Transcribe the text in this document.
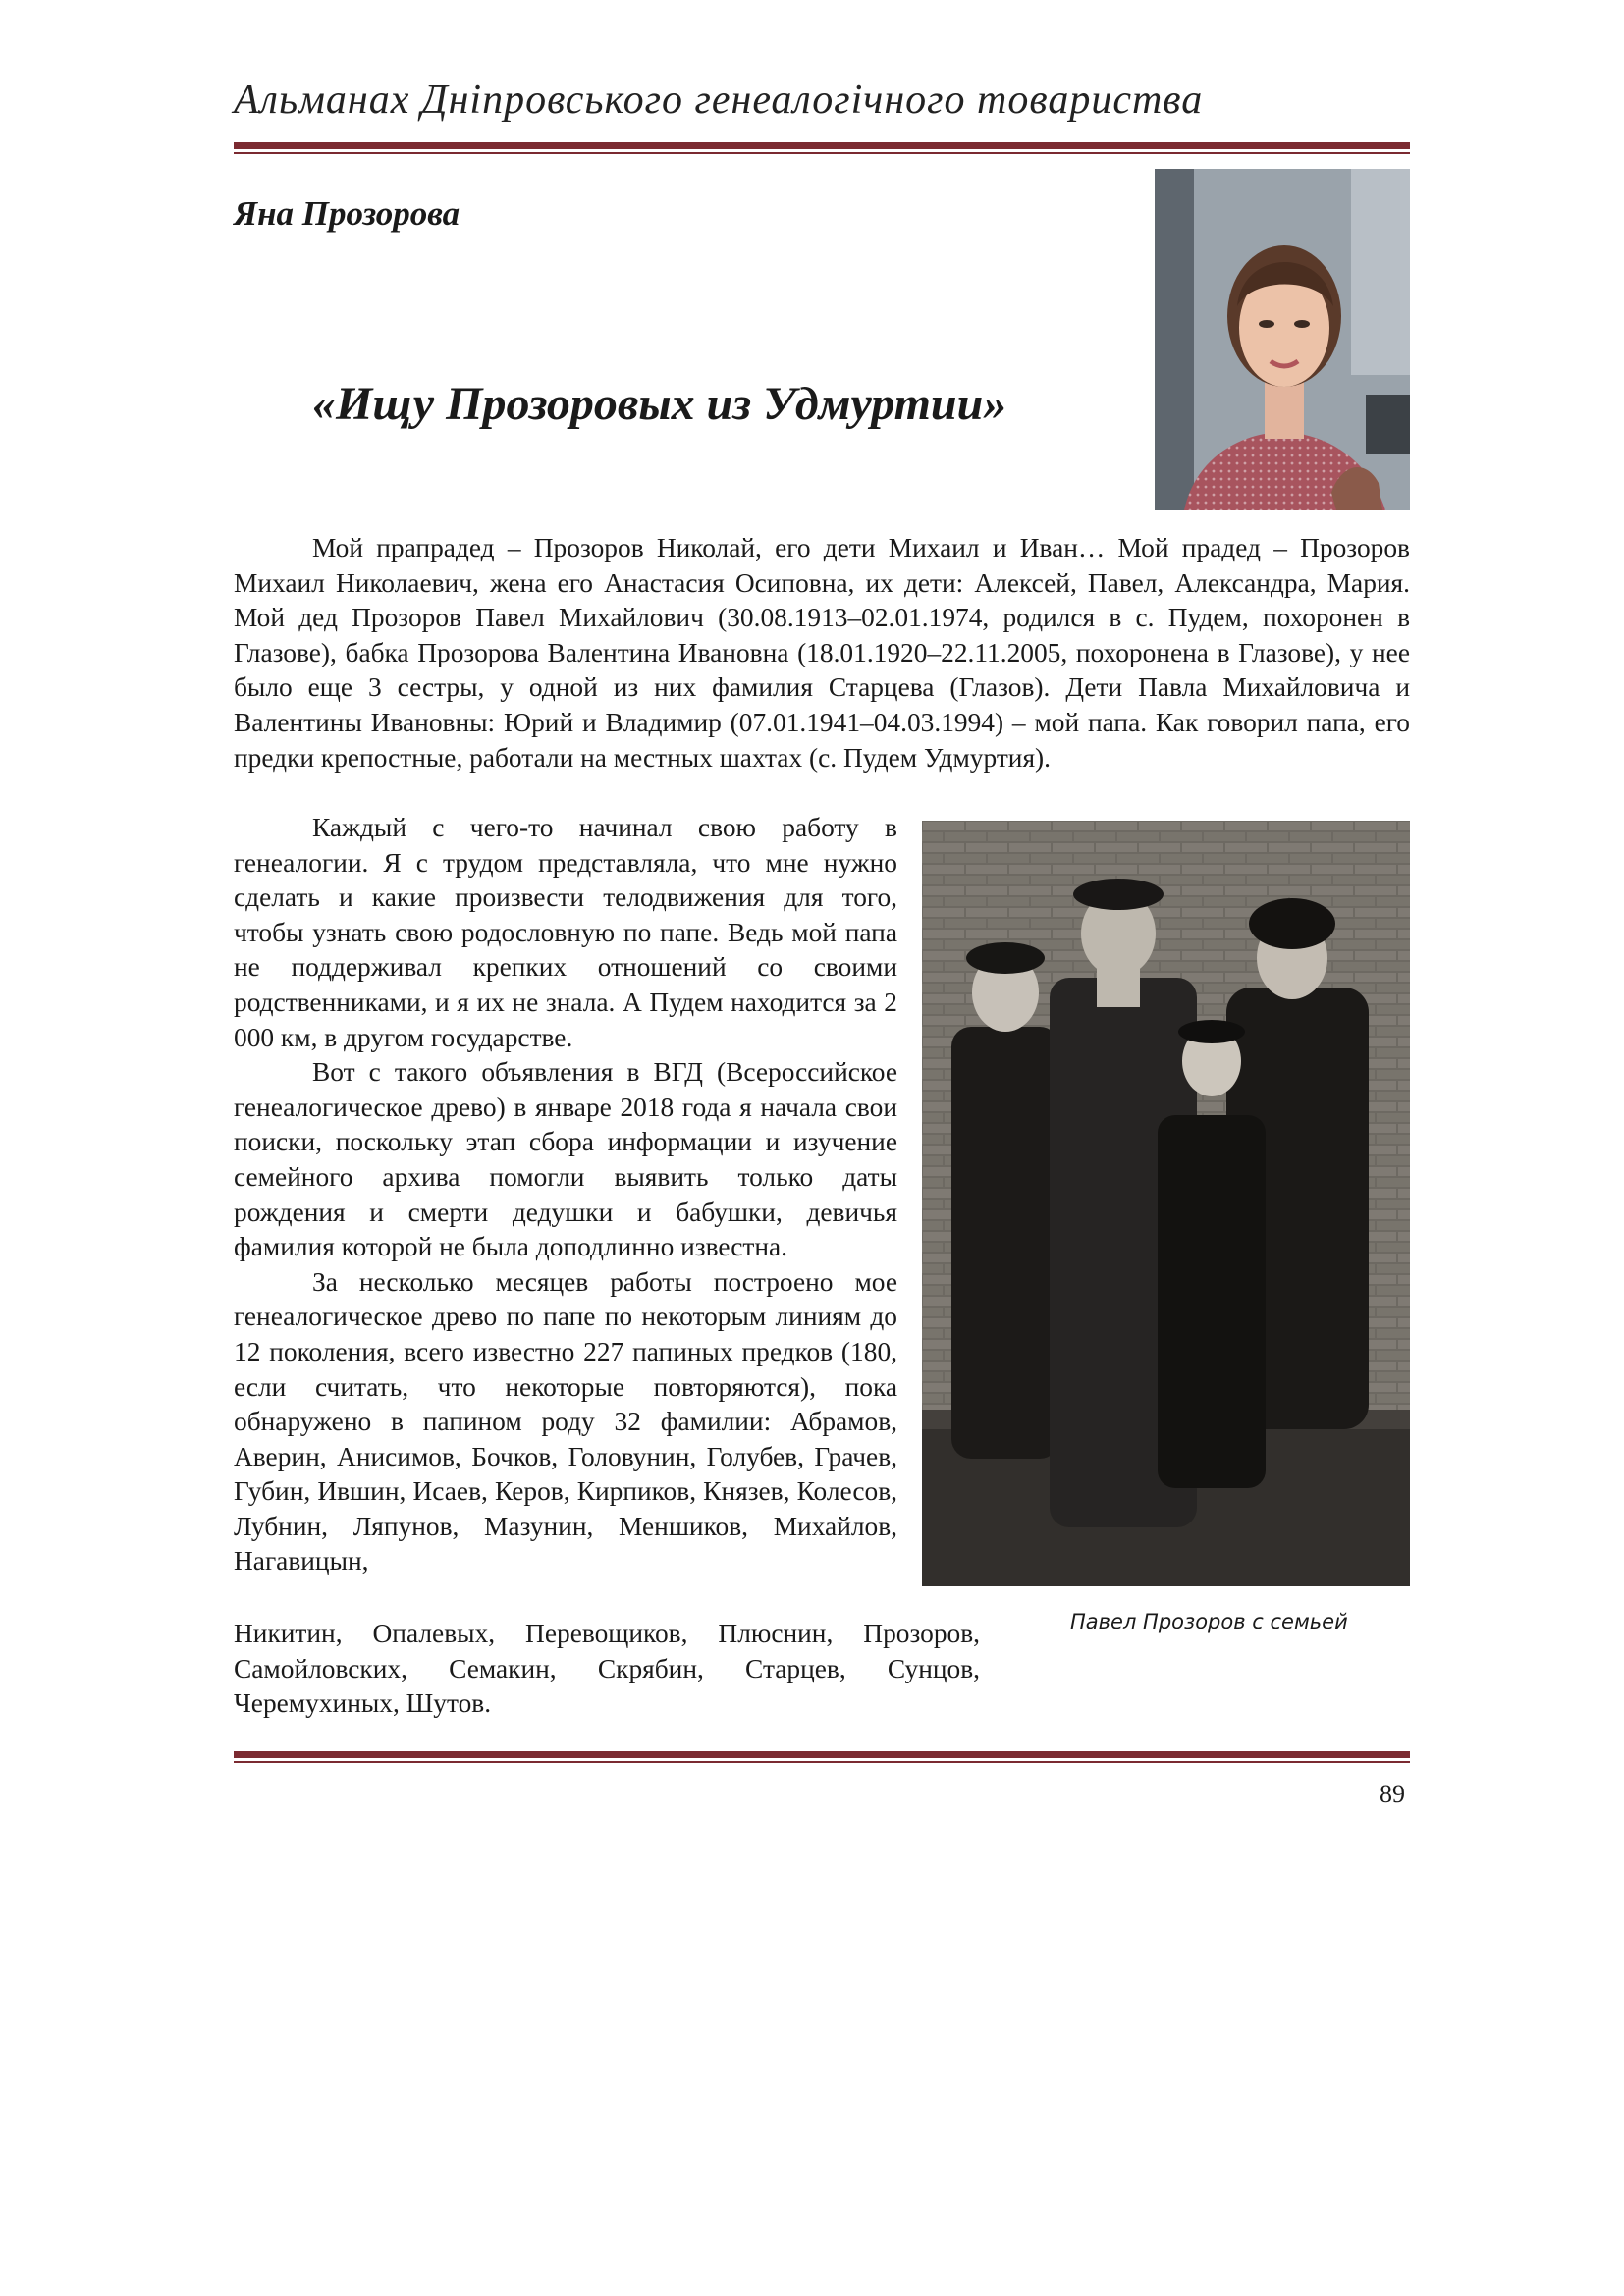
Альманах Дніпровського генеалогічного товариства
Яна Прозорова
«Ищу Прозоровых из Удмуртии»

Мой прапрадед – Прозоров Николай, его дети Михаил и Иван… Мой прадед – Прозоров Михаил Николаевич, жена его Анастасия Осиповна, их дети: Алексей, Павел, Александра, Мария. Мой дед Прозоров Павел Михайлович (30.08.1913–02.01.1974, родился в с. Пудем, похоронен в Глазове), бабка Прозорова Валентина Ивановна (18.01.1920–22.11.2005, похоронена в Глазове), у нее было еще 3 сестры, у одной из них фамилия Старцева (Глазов). Дети Павла Михайловича и Валентины Ивановны: Юрий и Владимир (07.01.1941–04.03.1994) – мой папа. Как говорил папа, его предки крепостные, работали на местных шахтах (с. Пудем Удмуртия).

Каждый с чего-то начинал свою работу в генеалогии. Я с трудом представляла, что мне нужно сделать и какие произвести телодвижения для того, чтобы узнать свою родословную по папе. Ведь мой папа не поддерживал крепких отношений со своими родственниками, и я их не знала. А Пудем находится за 2 000 км, в другом государстве.

Вот с такого объявления в ВГД (Всероссийское генеалогическое древо) в январе 2018 года я начала свои поиски, поскольку этап сбора информации и изучение семейного архива помогли выявить только даты рождения и смерти дедушки и бабушки, девичья фамилия которой не была доподлинно известна.

За несколько месяцев работы построено мое генеалогическое древо по папе по некоторым линиям до 12 поколения, всего известно 227 папиных предков (180, если считать, что некоторые повторяются), пока обнаружено в папином роду 32 фамилии: Абрамов, Аверин, Анисимов, Бочков, Головунин, Голубев, Грачев, Губин, Ившин, Исаев, Керов, Кирпиков, Князев, Колесов, Лубнин, Ляпунов, Мазунин, Меншиков, Михайлов, Нагавицын,

Никитин, Опалевых, Перевощиков, Плюснин, Прозоров, Самойловских, Семакин, Скрябин, Старцев, Сунцов, Черемухиных, Шутов.

Павел Прозоров с семьей
89
